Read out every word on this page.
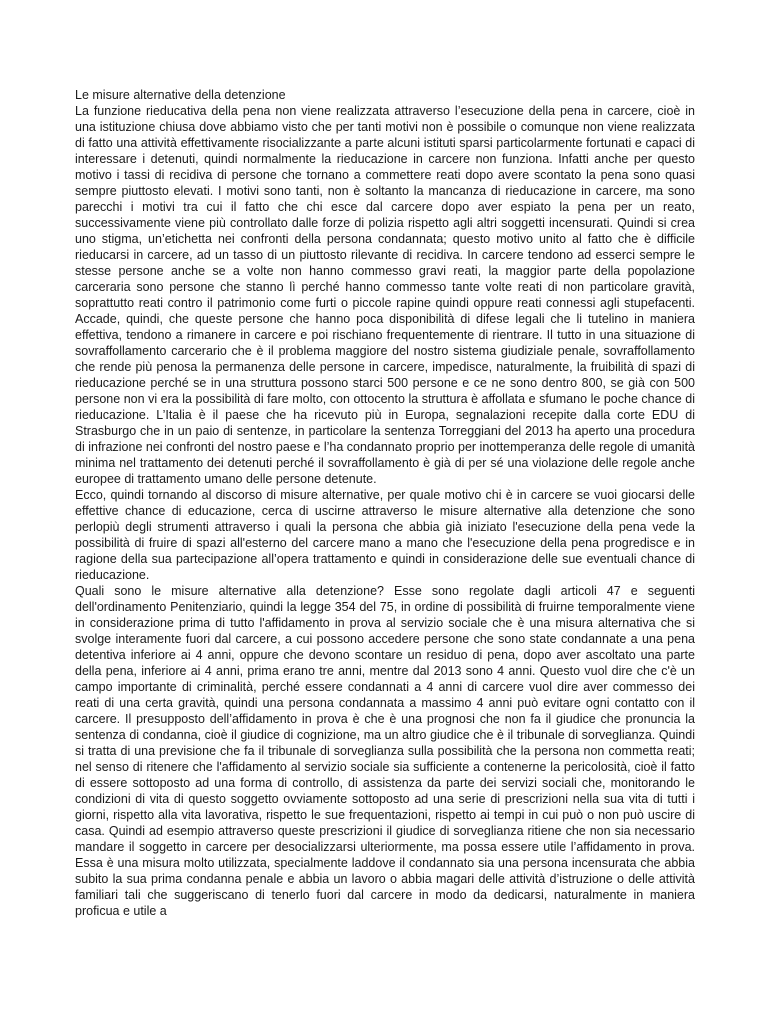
Le misure alternative della detenzione

La funzione rieducativa della pena non viene realizzata attraverso l’esecuzione della pena in carcere, cioè in una istituzione chiusa dove abbiamo visto che per tanti motivi non è possibile o comunque non viene realizzata di fatto una attività effettivamente risocializzante a parte alcuni istituti sparsi particolarmente fortunati e capaci di interessare i detenuti, quindi normalmente la rieducazione in carcere non funziona. Infatti anche per questo motivo i tassi di recidiva di persone che tornano a commettere reati dopo avere scontato la pena sono quasi sempre piuttosto elevati. I motivi sono tanti, non è soltanto la mancanza di rieducazione in carcere, ma sono parecchi i motivi tra cui il fatto che chi esce dal carcere dopo aver espiato la pena per un reato, successivamente viene più controllato dalle forze di polizia rispetto agli altri soggetti incensurati. Quindi si crea uno stigma, un’etichetta nei confronti della persona condannata; questo motivo unito al fatto che è difficile rieducarsi in carcere, ad un tasso di un piuttosto rilevante di recidiva. In carcere tendono ad esserci sempre le stesse persone anche se a volte non hanno commesso gravi reati, la maggior parte della popolazione carceraria sono persone che stanno lì perché hanno commesso tante volte reati di non particolare gravità, soprattutto reati contro il patrimonio come furti o piccole rapine quindi oppure reati connessi agli stupefacenti. Accade, quindi, che queste persone che hanno poca disponibilità di difese legali che li tutelino in maniera effettiva, tendono a rimanere in carcere e poi rischiano frequentemente di rientrare. Il tutto in una situazione di sovraffollamento carcerario che è il problema maggiore del nostro sistema giudiziale penale, sovraffollamento che rende più penosa la permanenza delle persone in carcere, impedisce, naturalmente, la fruibilità di spazi di rieducazione perché se in una struttura possono starci 500 persone e ce ne sono dentro 800, se già con 500 persone non vi era la possibilità di fare molto, con ottocento la struttura è affollata e sfumano le poche chance di rieducazione. L’Italia è il paese che ha ricevuto più in Europa, segnalazioni recepite dalla corte EDU di Strasburgo che in un paio di sentenze, in particolare la sentenza Torreggiani del 2013 ha aperto una procedura di infrazione nei confronti del nostro paese e l’ha condannato proprio per inottemperanza delle regole di umanità minima nel trattamento dei detenuti perché il sovraffollamento è già di per sé una violazione delle regole anche europee di trattamento umano delle persone detenute.

Ecco, quindi tornando al discorso di misure alternative, per quale motivo chi è in carcere se vuoi giocarsi delle effettive chance di educazione, cerca di uscirne attraverso le misure alternative alla detenzione che sono perlopiù degli strumenti attraverso i quali la persona che abbia già iniziato l'esecuzione della pena vede la possibilità di fruire di spazi all'esterno del carcere mano a mano che l'esecuzione della pena progredisce e in ragione della sua partecipazione all’opera trattamento e quindi in considerazione delle sue eventuali chance di rieducazione.

Quali sono le misure alternative alla detenzione? Esse sono regolate dagli articoli 47 e seguenti dell'ordinamento Penitenziario, quindi la legge 354 del 75, in ordine di possibilità di fruirne temporalmente viene in considerazione prima di tutto l'affidamento in prova al servizio sociale che è una misura alternativa che si svolge interamente fuori dal carcere, a cui possono accedere persone che sono state condannate a una pena detentiva inferiore ai 4 anni, oppure che devono scontare un residuo di pena, dopo aver ascoltato una parte della pena, inferiore ai 4 anni, prima erano tre anni, mentre dal 2013 sono 4 anni. Questo vuol dire che c'è un campo importante di criminalità, perché essere condannati a 4 anni di carcere vuol dire aver commesso dei reati di una certa gravità, quindi una persona condannata a massimo 4 anni può evitare ogni contatto con il carcere. Il presupposto dell’affidamento in prova è che è una prognosi che non fa il giudice che pronuncia la sentenza di condanna, cioè il giudice di cognizione, ma un altro giudice che è il tribunale di sorveglianza. Quindi si tratta di una previsione che fa il tribunale di sorveglianza sulla possibilità che la persona non commetta reati; nel senso di ritenere che l'affidamento al servizio sociale sia sufficiente a contenerne la pericolosità, cioè il fatto di essere sottoposto ad una forma di controllo, di assistenza da parte dei servizi sociali che, monitorando le condizioni di vita di questo soggetto ovviamente sottoposto ad una serie di prescrizioni nella sua vita di tutti i giorni, rispetto alla vita lavorativa, rispetto le sue frequentazioni, rispetto ai tempi in cui può o non può uscire di casa. Quindi ad esempio attraverso queste prescrizioni il giudice di sorveglianza ritiene che non sia necessario mandare il soggetto in carcere per desocializzarsi ulteriormente, ma possa essere utile l’affidamento in prova. Essa è una misura molto utilizzata, specialmente laddove il condannato sia una persona incensurata che abbia subito la sua prima condanna penale e abbia un lavoro o abbia magari delle attività d’istruzione o delle attività familiari tali che suggeriscano di tenerlo fuori dal carcere in modo da dedicarsi, naturalmente in maniera proficua e utile a
